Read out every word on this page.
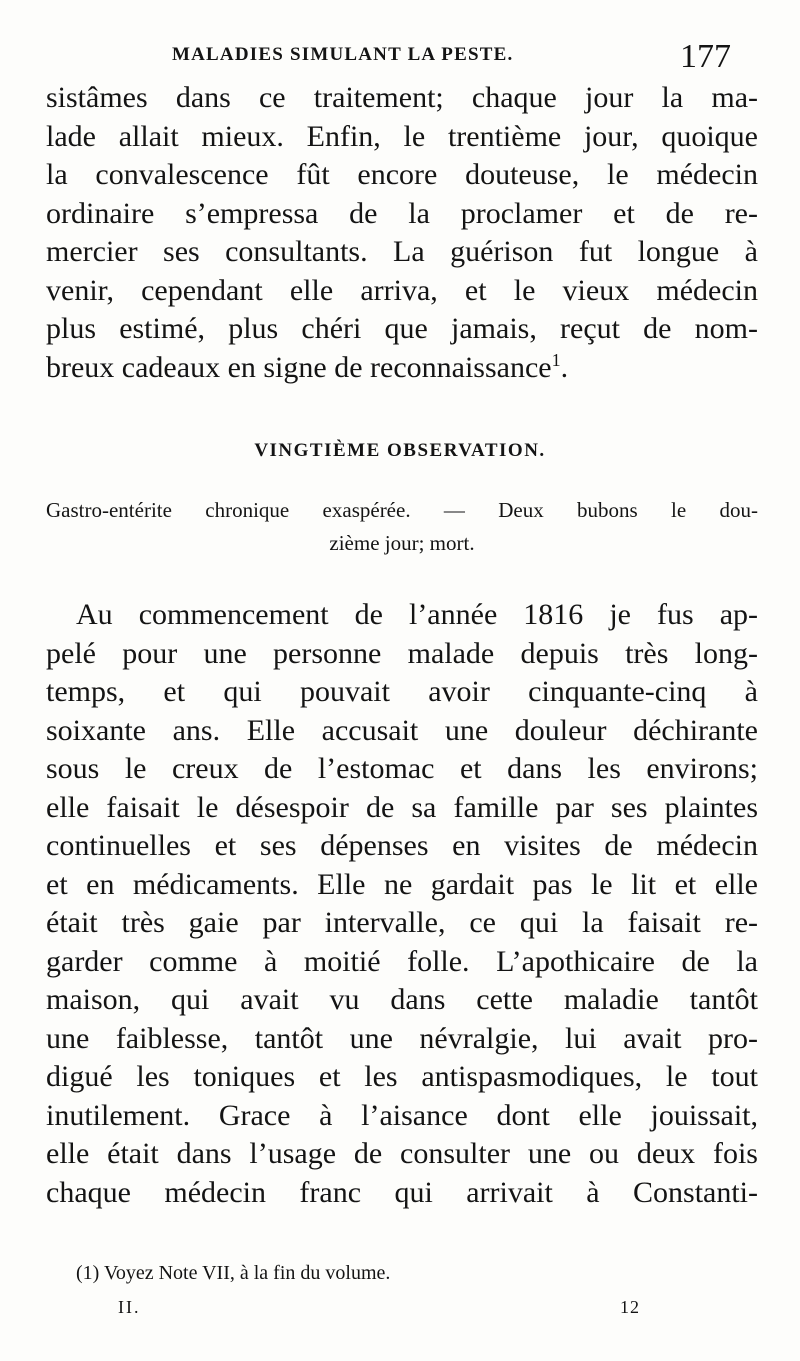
MALADIES SIMULANT LA PESTE.	177
sistâmes dans ce traitement; chaque jour la ma-
lade allait mieux. Enfin, le trentième jour, quoique
la convalescence fût encore douteuse, le médecin
ordinaire s’empressa de la proclamer et de re-
mercier ses consultants. La guérison fut longue à
venir, cependant elle arriva, et le vieux médecin
plus estimé, plus chéri que jamais, reçut de nom-
breux cadeaux en signe de reconnaissance$^1$.
VINGTIÈME OBSERVATION.
Gastro-entérite chronique exaspérée. — Deux bubons le dou-
zième jour; mort.
Au commencement de l’année 1816 je fus ap-
pelé pour une personne malade depuis très long-
temps, et qui pouvait avoir cinquante-cinq à
soixante ans. Elle accusait une douleur déchirante
sous le creux de l’estomac et dans les environs;
elle faisait le désespoir de sa famille par ses plaintes
continuelles et ses dépenses en visites de médecin
et en médicaments. Elle ne gardait pas le lit et elle
était très gaie par intervalle, ce qui la faisait re-
garder comme à moitié folle. L’apothicaire de la
maison, qui avait vu dans cette maladie tantôt
une faiblesse, tantôt une névralgie, lui avait pro-
digué les toniques et les antispasmodiques, le tout
inutilement. Grace à l’aisance dont elle jouissait,
elle était dans l’usage de consulter une ou deux fois
chaque médecin franc qui arrivait à Constanti-
(1) Voyez Note VII, à la fin du volume.
II.	12
